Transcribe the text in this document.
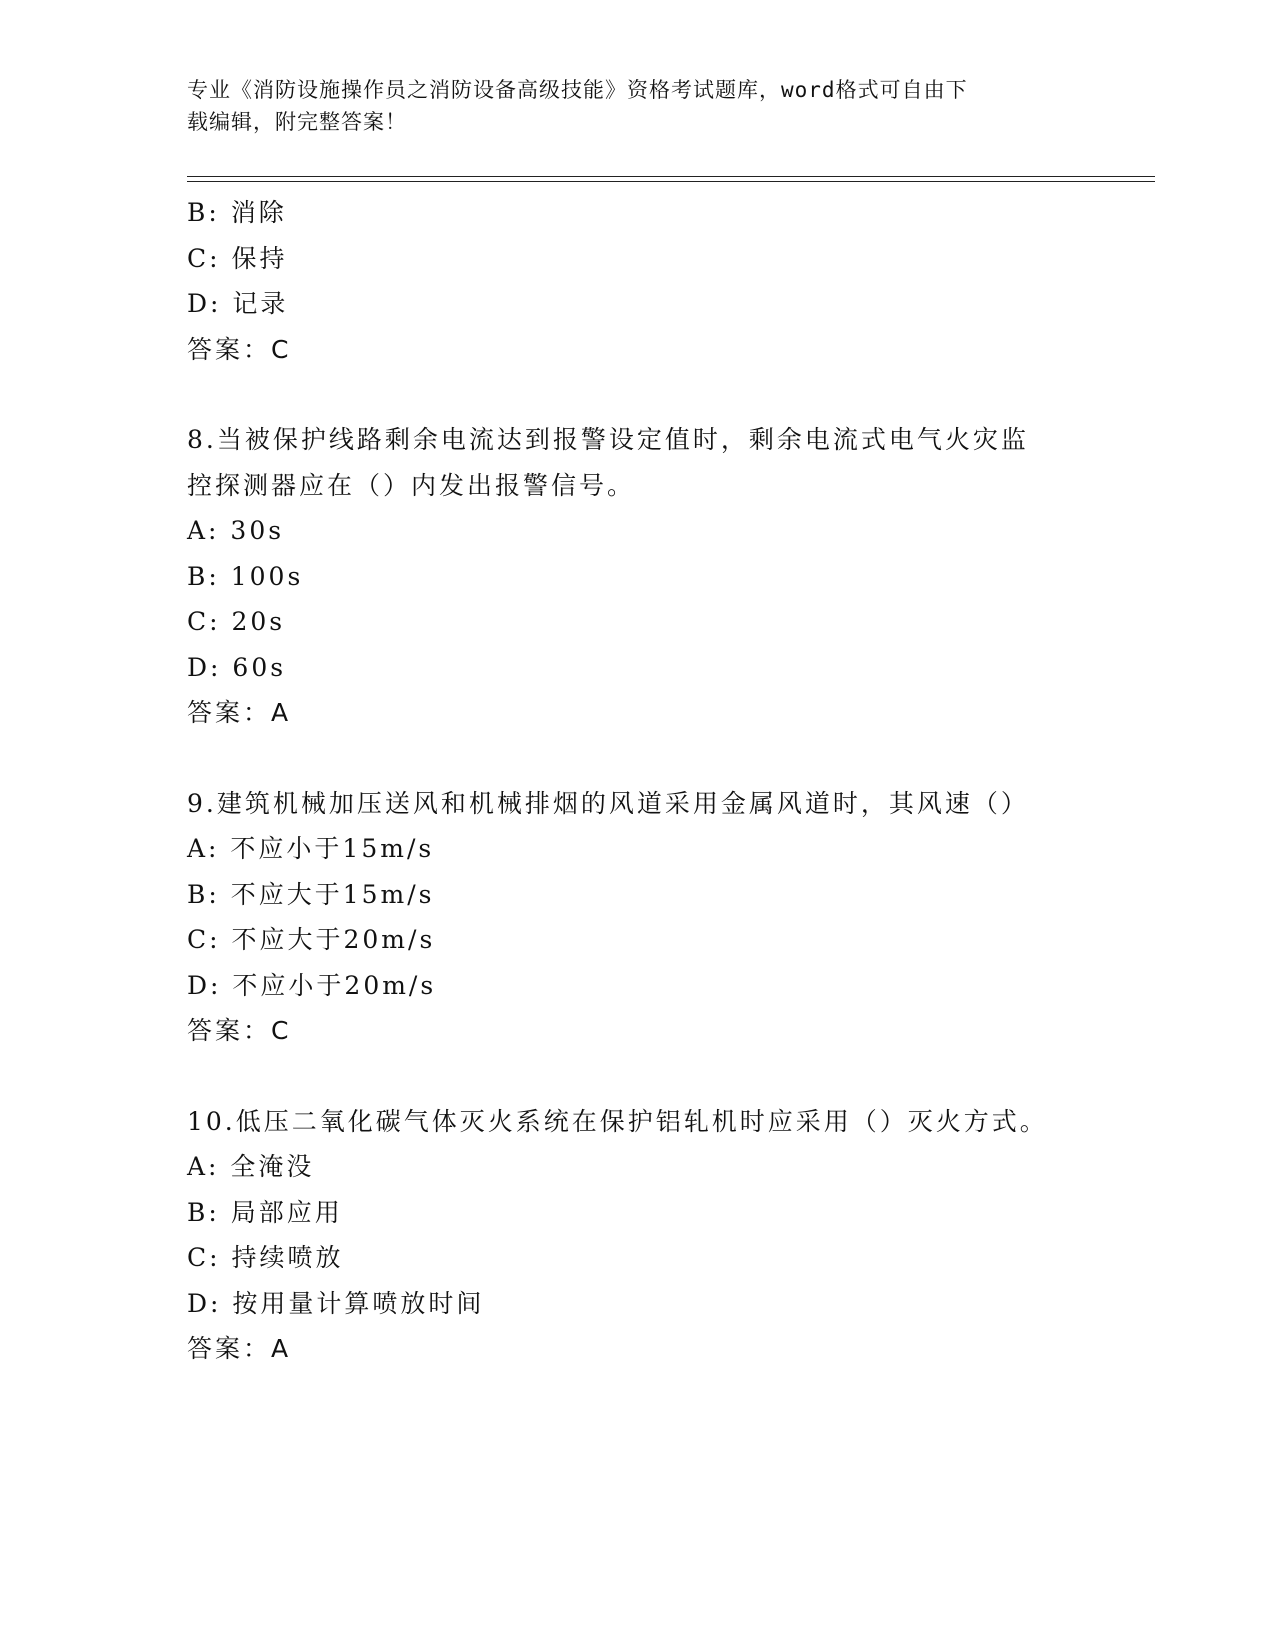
专业《消防设施操作员之消防设备高级技能》资格考试题库，word格式可自由下
载编辑，附完整答案！
B: 消除
C: 保持
D: 记录
答案：C
8.当被保护线路剩余电流达到报警设定值时，剩余电流式电气火灾监
控探测器应在（）内发出报警信号。
A: 30s
B: 100s
C: 20s
D: 60s
答案：A
9.建筑机械加压送风和机械排烟的风道采用金属风道时，其风速（）
A: 不应小于15m/s
B: 不应大于15m/s
C: 不应大于20m/s
D: 不应小于20m/s
答案：C
10.低压二氧化碳气体灭火系统在保护铝轧机时应采用（）灭火方式。
A: 全淹没
B: 局部应用
C: 持续喷放
D: 按用量计算喷放时间
答案：A
